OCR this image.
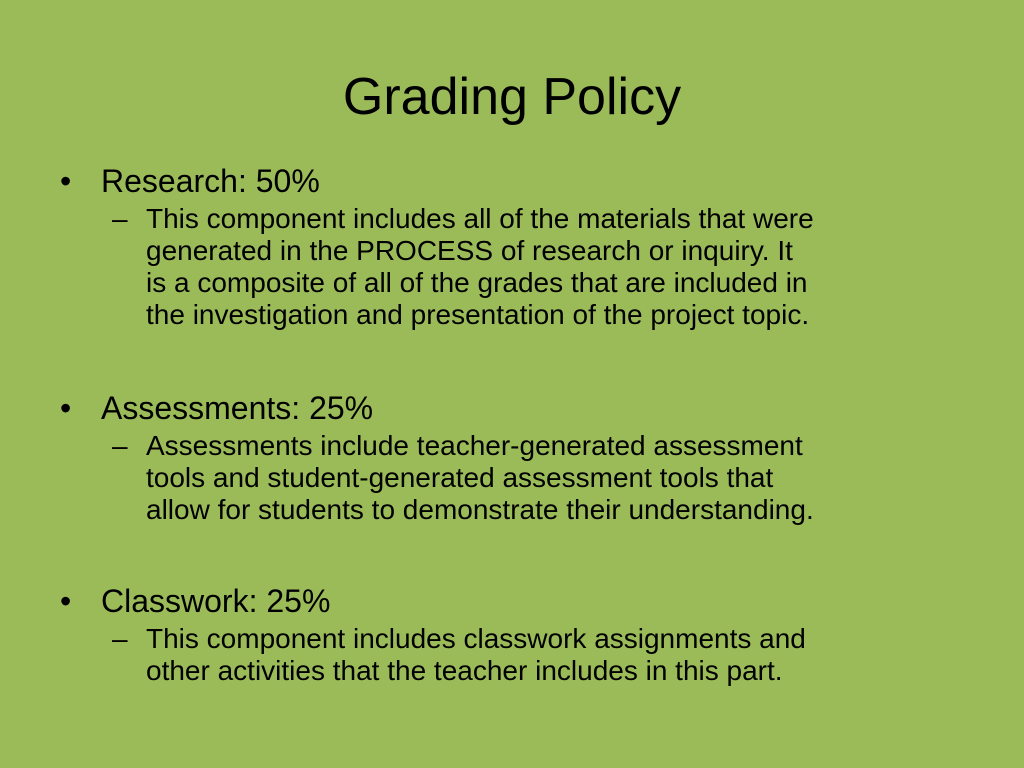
Grading Policy
• Research: 50%
– This component includes all of the materials that were
generated in the PROCESS of research or inquiry. It
is a composite of all of the grades that are included in
the investigation and presentation of the project topic.
• Assessments: 25%
– Assessments include teacher-generated assessment
tools and student-generated assessment tools that
allow for students to demonstrate their understanding.
• Classwork: 25%
– This component includes classwork assignments and
other activities that the teacher includes in this part.
